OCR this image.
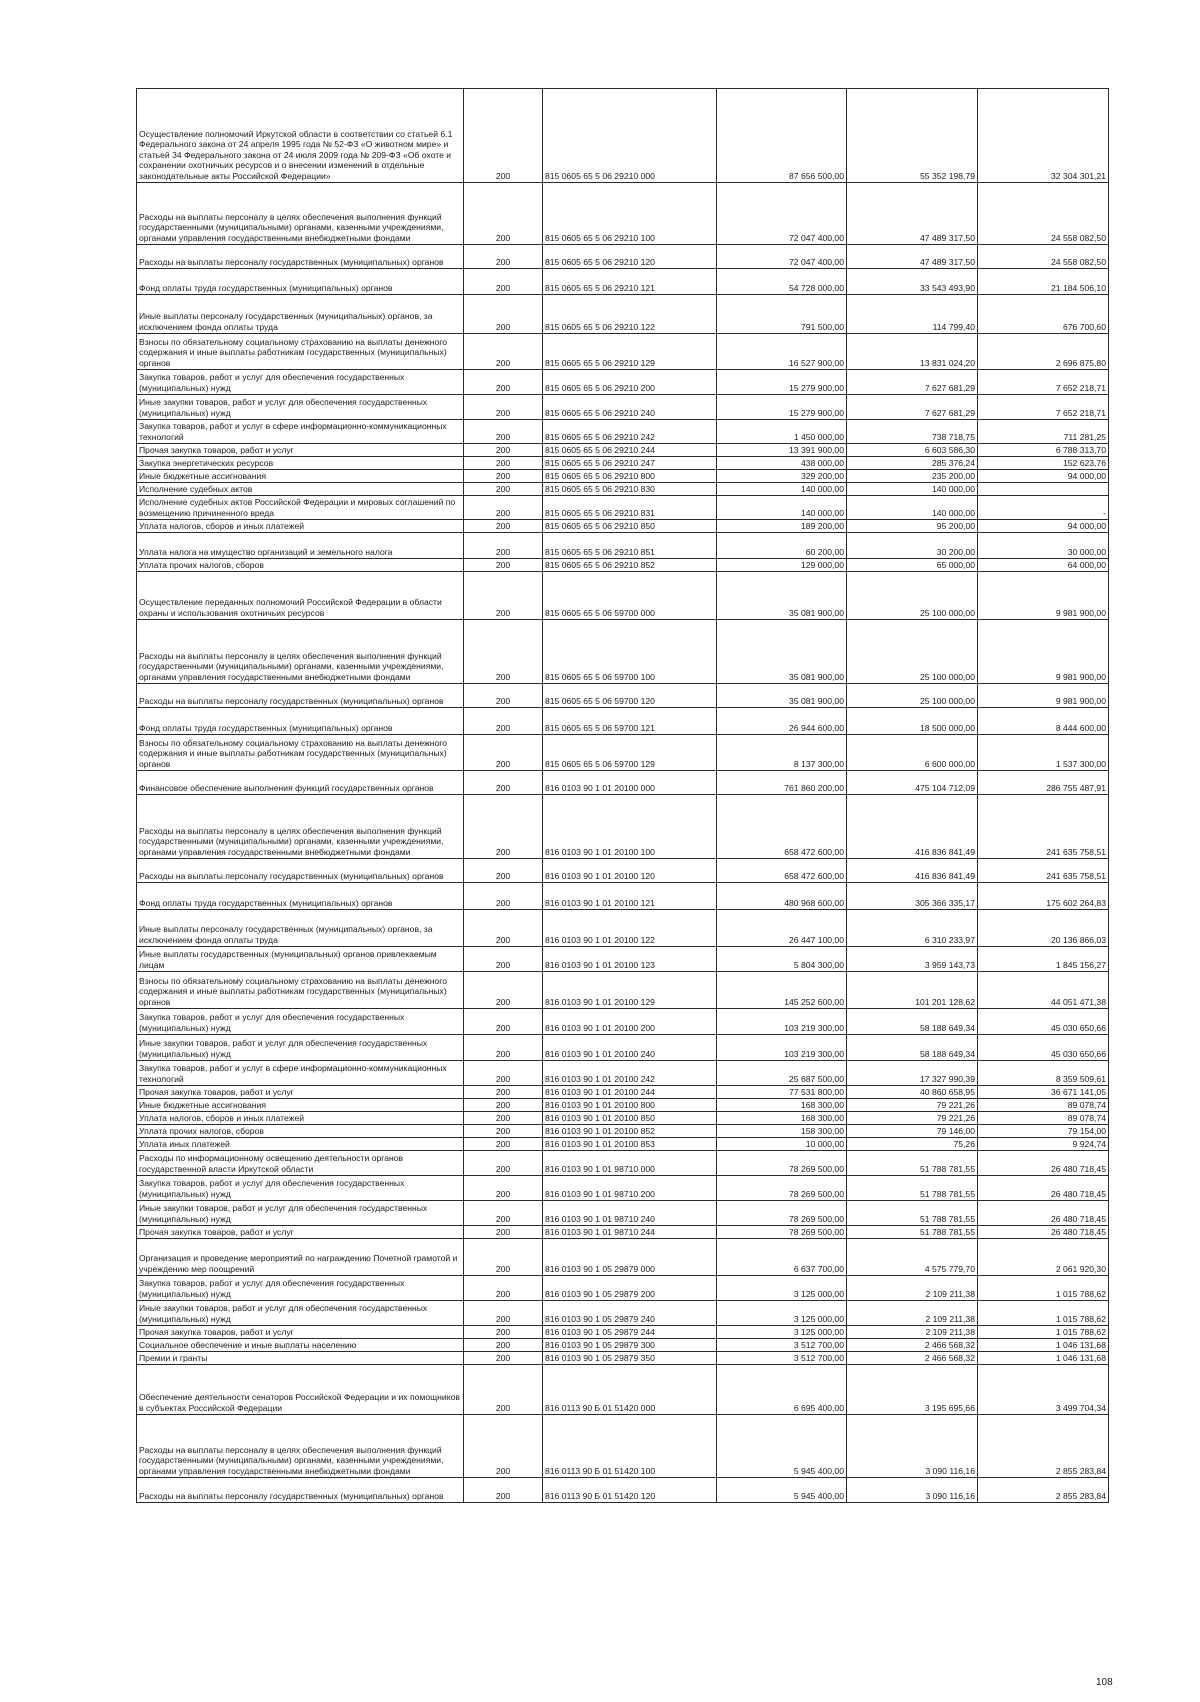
Осуществление полномочий Иркутской области в соответствии со статьей 6.1 Федерального закона от 24 апреля 1995 года № 52-ФЗ «О животном мире» и статьей 34 Федерального закона от 24 июля 2009 года № 209-ФЗ «Об охоте и сохранении охотничьих ресурсов и о внесении изменений в отдельные законодательные акты Российской Федерации»	200	815 0605 65 5 06 29210 000	87 656 500,00	55 352 198,79	32 304 301,21
Расходы на выплаты персоналу в целях обеспечения выполнения функций государственными (муниципальными) органами, казенными учреждениями, органами управления государственными внебюджетными фондами	200	815 0605 65 5 06 29210 100	72 047 400,00	47 489 317,50	24 558 082,50
Расходы на выплаты персоналу государственных (муниципальных) органов	200	815 0605 65 5 06 29210 120	72 047 400,00	47 489 317,50	24 558 082,50
Фонд оплаты труда государственных (муниципальных) органов	200	815 0605 65 5 06 29210 121	54 728 000,00	33 543 493,90	21 184 506,10
Иные выплаты персоналу государственных (муниципальных) органов, за исключением фонда оплаты труда	200	815 0605 65 5 06 29210 122	791 500,00	114 799,40	676 700,60
Взносы по обязательному социальному страхованию на выплаты денежного содержания и иные выплаты работникам государственных (муниципальных) органов	200	815 0605 65 5 06 29210 129	16 527 900,00	13 831 024,20	2 696 875,80
Закупка товаров, работ и услуг для обеспечения государственных (муниципальных) нужд	200	815 0605 65 5 06 29210 200	15 279 900,00	7 627 681,29	7 652 218,71
Иные закупки товаров, работ и услуг для обеспечения государственных (муниципальных) нужд	200	815 0605 65 5 06 29210 240	15 279 900,00	7 627 681,29	7 652 218,71
Закупка товаров, работ и услуг в сфере информационно-коммуникационных технологий	200	815 0605 65 5 06 29210 242	1 450 000,00	738 718,75	711 281,25
Прочая закупка товаров, работ и услуг	200	815 0605 65 5 06 29210 244	13 391 900,00	6 603 586,30	6 788 313,70
Закупка энергетических ресурсов	200	815 0605 65 5 06 29210 247	438 000,00	285 376,24	152 623,76
Иные бюджетные ассигнования	200	815 0605 65 5 06 29210 800	329 200,00	235 200,00	94 000,00
Исполнение судебных актов	200	815 0605 65 5 06 29210 830	140 000,00	140 000,00	
Исполнение судебных актов Российской Федерации и мировых соглашений по возмещению причиненного вреда	200	815 0605 65 5 06 29210 831	140 000,00	140 000,00	-
Уплата налогов, сборов и иных платежей	200	815 0605 65 5 06 29210 850	189 200,00	95 200,00	94 000,00
Уплата налога на имущество организаций и земельного налога	200	815 0605 65 5 06 29210 851	60 200,00	30 200,00	30 000,00
Уплата прочих налогов, сборов	200	815 0605 65 5 06 29210 852	129 000,00	65 000,00	64 000,00
Осуществление переданных полномочий Российской Федерации в области охраны и использования охотничьих ресурсов	200	815 0605 65 5 06 59700 000	35 081 900,00	25 100 000,00	9 981 900,00
Расходы на выплаты персоналу в целях обеспечения выполнения функций государственными (муниципальными) органами, казенными учреждениями, органами управления государственными внебюджетными фондами	200	815 0605 65 5 06 59700 100	35 081 900,00	25 100 000,00	9 981 900,00
Расходы на выплаты персоналу государственных (муниципальных) органов	200	815 0605 65 5 06 59700 120	35 081 900,00	25 100 000,00	9 981 900,00
Фонд оплаты труда государственных (муниципальных) органов	200	815 0605 65 5 06 59700 121	26 944 600,00	18 500 000,00	8 444 600,00
Взносы по обязательному социальному страхованию на выплаты денежного содержания и иные выплаты работникам государственных (муниципальных) органов	200	815 0605 65 5 06 59700 129	8 137 300,00	6 600 000,00	1 537 300,00
Финансовое обеспечение выполнения функций государственных органов	200	816 0103 90 1 01 20100 000	761 860 200,00	475 104 712,09	286 755 487,91
Расходы на выплаты персоналу в целях обеспечения выполнения функций государственными (муниципальными) органами, казенными учреждениями, органами управления государственными внебюджетными фондами	200	816 0103 90 1 01 20100 100	658 472 600,00	416 836 841,49	241 635 758,51
Расходы на выплаты персоналу государственных (муниципальных) органов	200	816 0103 90 1 01 20100 120	658 472 600,00	416 836 841,49	241 635 758,51
Фонд оплаты труда государственных (муниципальных) органов	200	816 0103 90 1 01 20100 121	480 968 600,00	305 366 335,17	175 602 264,83
Иные выплаты персоналу государственных (муниципальных) органов, за исключением фонда оплаты труда	200	816 0103 90 1 01 20100 122	26 447 100,00	6 310 233,97	20 136 866,03
Иные выплаты государственных (муниципальных) органов привлекаемым лицам	200	816 0103 90 1 01 20100 123	5 804 300,00	3 959 143,73	1 845 156,27
Взносы по обязательному социальному страхованию на выплаты денежного содержания и иные выплаты работникам государственных (муниципальных) органов	200	816 0103 90 1 01 20100 129	145 252 600,00	101 201 128,62	44 051 471,38
Закупка товаров, работ и услуг для обеспечения государственных (муниципальных) нужд	200	816 0103 90 1 01 20100 200	103 219 300,00	58 188 649,34	45 030 650,66
Иные закупки товаров, работ и услуг для обеспечения государственных (муниципальных) нужд	200	816 0103 90 1 01 20100 240	103 219 300,00	58 188 649,34	45 030 650,66
Закупка товаров, работ и услуг в сфере информационно-коммуникационных технологий	200	816 0103 90 1 01 20100 242	25 687 500,00	17 327 990,39	8 359 509,61
Прочая закупка товаров, работ и услуг	200	816 0103 90 1 01 20100 244	77 531 800,00	40 860 658,95	36 671 141,05
Иные бюджетные ассигнования	200	816 0103 90 1 01 20100 800	168 300,00	79 221,26	89 078,74
Уплата налогов, сборов и иных платежей	200	816 0103 90 1 01 20100 850	168 300,00	79 221,26	89 078,74
Уплата прочих налогов, сборов	200	816 0103 90 1 01 20100 852	158 300,00	79 146,00	79 154,00
Уплата иных платежей	200	816 0103 90 1 01 20100 853	10 000,00	75,26	9 924,74
Расходы по информационному освещению деятельности органов государственной власти Иркутской области	200	816 0103 90 1 01 98710 000	78 269 500,00	51 788 781,55	26 480 718,45
Закупка товаров, работ и услуг для обеспечения государственных (муниципальных) нужд	200	816 0103 90 1 01 98710 200	78 269 500,00	51 788 781,55	26 480 718,45
Иные закупки товаров, работ и услуг для обеспечения государственных (муниципальных) нужд	200	816 0103 90 1 01 98710 240	78 269 500,00	51 788 781,55	26 480 718,45
Прочая закупка товаров, работ и услуг	200	816 0103 90 1 01 98710 244	78 269 500,00	51 788 781,55	26 480 718,45
Организация и проведение мероприятий по награждению Почетной грамотой и учреждению мер поощрений	200	816 0103 90 1 05 29879 000	6 637 700,00	4 575 779,70	2 061 920,30
Закупка товаров, работ и услуг для обеспечения государственных (муниципальных) нужд	200	816 0103 90 1 05 29879 200	3 125 000,00	2 109 211,38	1 015 788,62
Иные закупки товаров, работ и услуг для обеспечения государственных (муниципальных) нужд	200	816 0103 90 1 05 29879 240	3 125 000,00	2 109 211,38	1 015 788,62
Прочая закупка товаров, работ и услуг	200	816 0103 90 1 05 29879 244	3 125 000,00	2 109 211,38	1 015 788,62
Социальное обеспечение и иные выплаты населению	200	816 0103 90 1 05 29879 300	3 512 700,00	2 466 568,32	1 046 131,68
Премии и гранты	200	816 0103 90 1 05 29879 350	3 512 700,00	2 466 568,32	1 046 131,68
Обеспечение деятельности сенаторов Российской Федерации и их помощников в субъектах Российской Федерации	200	816 0113 90 Б 01 51420 000	6 695 400,00	3 195 695,66	3 499 704,34
Расходы на выплаты персоналу в целях обеспечения выполнения функций государственными (муниципальными) органами, казенными учреждениями, органами управления государственными внебюджетными фондами	200	816 0113 90 Б 01 51420 100	5 945 400,00	3 090 116,16	2 855 283,84
Расходы на выплаты персоналу государственных (муниципальных) органов	200	816 0113 90 Б 01 51420 120	5 945 400,00	3 090 116,16	2 855 283,84
108
